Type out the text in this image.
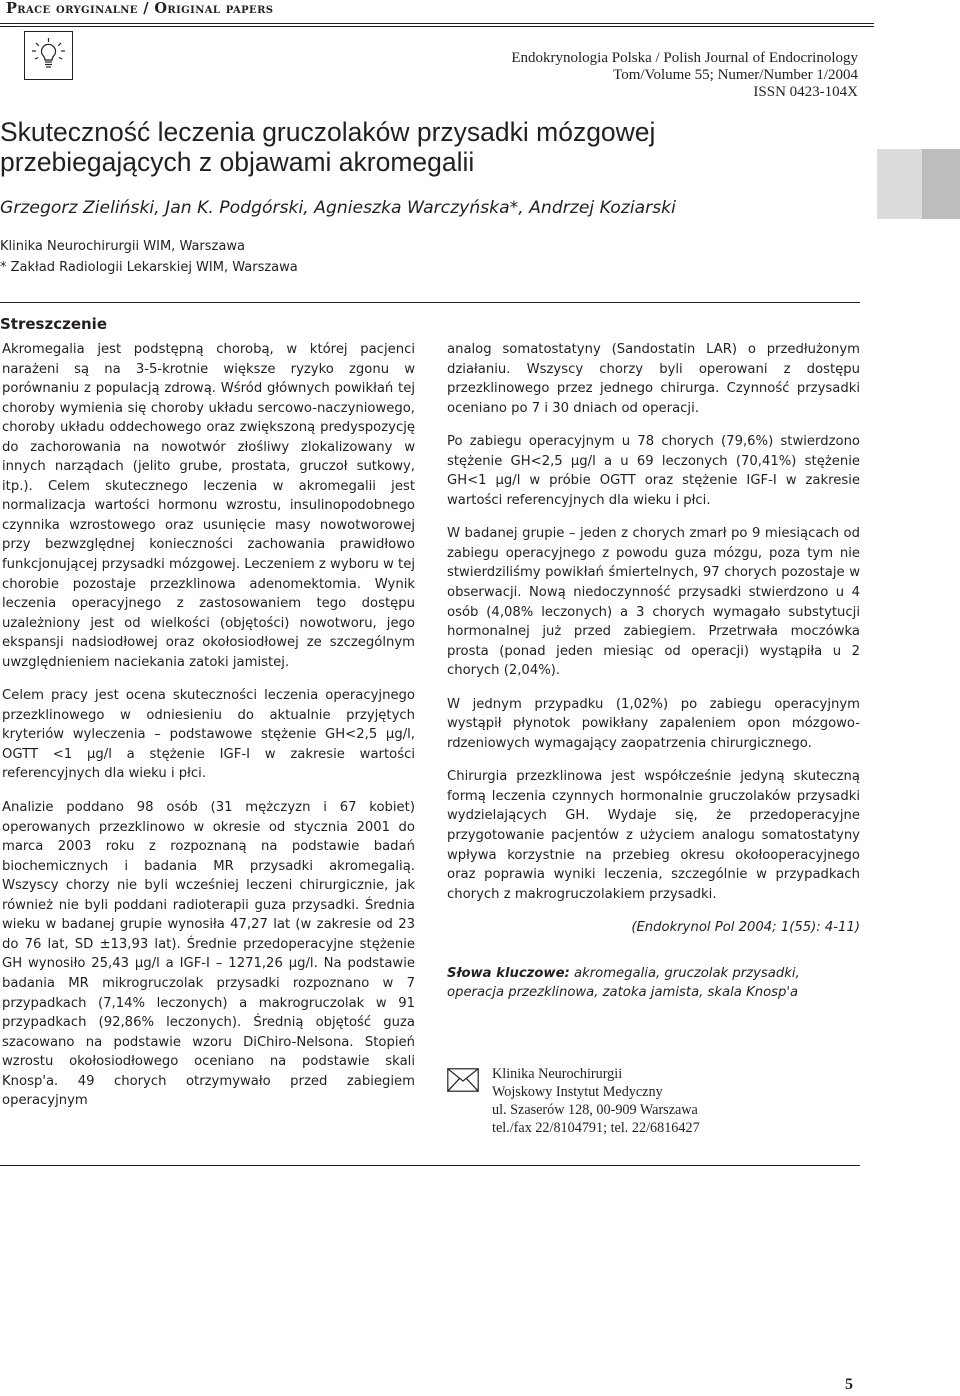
Prace oryginalne / Original papers
Endokrynologia Polska / Polish Journal of Endocrinology
Tom/Volume 55; Numer/Number 1/2004
ISSN 0423-104X
Skuteczność leczenia gruczolaków przysadki mózgowej
przebiegających z objawami akromegalii
Grzegorz Zieliński, Jan K. Podgórski, Agnieszka Warczyńska*, Andrzej Koziarski
Klinika Neurochirurgii WIM, Warszawa
* Zakład Radiologii Lekarskiej WIM, Warszawa
Streszczenie

Akromegalia jest podstępną chorobą, w której pacjenci narażeni są na 3-5-krotnie większe ryzyko zgonu w porównaniu z populacją zdrową. Wśród głównych powikłań tej choroby wymienia się choroby układu sercowo-naczyniowego, choroby układu oddechowego oraz zwiększoną predyspozycję do zachorowania na nowotwór złośliwy zlokalizowany w innych narządach (jelito grube, prostata, gruczoł sutkowy, itp.). Celem skutecznego leczenia w akromegalii jest normalizacja wartości hormonu wzrostu, insulinopodobnego czynnika wzrostowego oraz usunięcie masy nowotworowej przy bezwzględnej konieczności zachowania prawidłowo funkcjonującej przysadki mózgowej. Leczeniem z wyboru w tej chorobie pozostaje przezklinowa adenomektomia. Wynik leczenia operacyjnego z zastosowaniem tego dostępu uzależniony jest od wielkości (objętości) nowotworu, jego ekspansji nadsiodłowej oraz okołosiodłowej ze szczególnym uwzględnieniem naciekania zatoki jamistej.

Celem pracy jest ocena skuteczności leczenia operacyjnego przezklinowego w odniesieniu do aktualnie przyjętych kryteriów wyleczenia – podstawowe stężenie GH<2,5 μg/l, OGTT <1 μg/l a stężenie IGF-I w zakresie wartości referencyjnych dla wieku i płci.

Analizie poddano 98 osób (31 mężczyzn i 67 kobiet) operowanych przezklinowo w okresie od stycznia 2001 do marca 2003 roku z rozpoznaną na podstawie badań biochemicznych i badania MR przysadki akromegalią. Wszyscy chorzy nie byli wcześniej leczeni chirurgicznie, jak również nie byli poddani radioterapii guza przysadki. Średnia wieku w badanej grupie wynosiła 47,27 lat (w zakresie od 23 do 76 lat, SD ±13,93 lat). Średnie przedoperacyjne stężenie GH wynosiło 25,43 μg/l a IGF-I – 1271,26 μg/l. Na podstawie badania MR mikrogruczolak przysadki rozpoznano w 7 przypadkach (7,14% leczonych) a makrogruczolak w 91 przypadkach (92,86% leczonych). Średnią objętość guza szacowano na podstawie wzoru DiChiro-Nelsona. Stopień wzrostu okołosiodłowego oceniano na podstawie skali Knosp'a. 49 chorych otrzymywało przed zabiegiem operacyjnym

analog somatostatyny (Sandostatin LAR) o przedłużonym działaniu. Wszyscy chorzy byli operowani z dostępu przezklinowego przez jednego chirurga. Czynność przysadki oceniano po 7 i 30 dniach od operacji.

Po zabiegu operacyjnym u 78 chorych (79,6%) stwierdzono stężenie GH<2,5 μg/l a u 69 leczonych (70,41%) stężenie GH<1 μg/l w próbie OGTT oraz stężenie IGF-I w zakresie wartości referencyjnych dla wieku i płci.

W badanej grupie – jeden z chorych zmarł po 9 miesiącach od zabiegu operacyjnego z powodu guza mózgu, poza tym nie stwierdziliśmy powikłań śmiertelnych, 97 chorych pozostaje w obserwacji. Nową niedoczynność przysadki stwierdzono u 4 osób (4,08% leczonych) a 3 chorych wymagało substytucji hormonalnej już przed zabiegiem. Przetrwała moczówka prosta (ponad jeden miesiąc od operacji) wystąpiła u 2 chorych (2,04%).

W jednym przypadku (1,02%) po zabiegu operacyjnym wystąpił płynotok powikłany zapaleniem opon mózgowo-rdzeniowych wymagający zaopatrzenia chirurgicznego.

Chirurgia przezklinowa jest współcześnie jedyną skuteczną formą leczenia czynnych hormonalnie gruczolaków przysadki wydzielających GH. Wydaje się, że przedoperacyjne przygotowanie pacjentów z użyciem analogu somatostatyny wpływa korzystnie na przebieg okresu okołooperacyjnego oraz poprawia wyniki leczenia, szczególnie w przypadkach chorych z makrogruczolakiem przysadki.

(Endokrynol Pol 2004; 1(55): 4-11)

Słowa kluczowe: akromegalia, gruczolak przysadki, operacja przezklinowa, zatoka jamista, skala Knosp'a

Klinika Neurochirurgii
Wojskowy Instytut Medyczny
ul. Szaserów 128, 00-909 Warszawa
tel./fax 22/8104791; tel. 22/6816427
5
